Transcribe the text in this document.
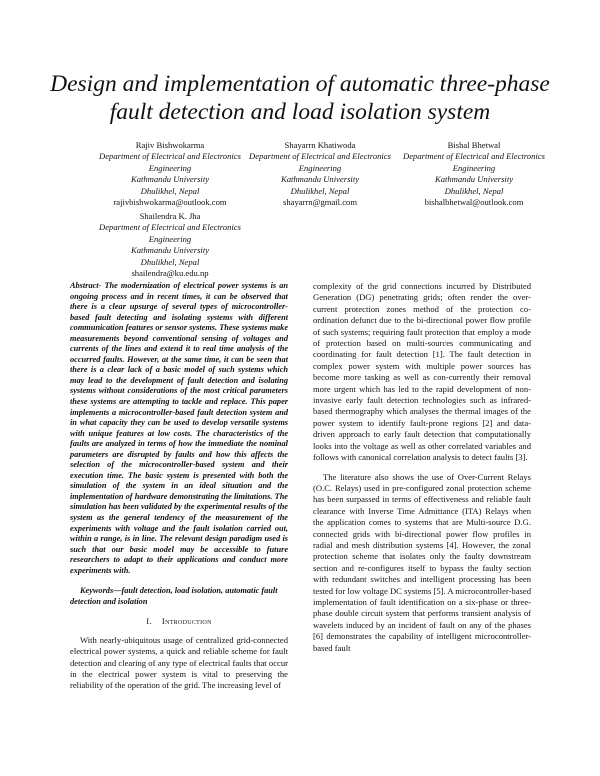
Design and implementation of automatic three-phase fault detection and load isolation system
Rajiv Bishwokarma
Department of Electrical and Electronics Engineering
Kathmandu University
Dhulikhel, Nepal
rajivbishwokarma@outlook.com
Shayarrn Khatiwoda
Department of Electrical and Electronics Engineering
Kathmandu University
Dhulikhel, Nepal
shayarrn@gmail.com
Bishal Bhetwal
Department of Electrical and Electronics Engineering
Kathmandu University
Dhulikhel, Nepal
bishalbhetwal@outlook.com
Shailendra K. Jha
Department of Electrical and Electronics Engineering
Kathmandu University
Dhulikhel, Nepal
shailendra@ku.edu.np
Abstract- The modernization of electrical power systems is an ongoing process and in recent times, it can be observed that there is a clear upsurge of several types of microcontroller-based fault detecting and isolating systems with different communication features or sensor systems. These systems make measurements beyond conventional sensing of voltages and currents of the lines and extend it to real time analysis of the occurred faults. However, at the same time, it can be seen that there is a clear lack of a basic model of such systems which may lead to the development of fault detection and isolating systems without considerations of the most critical parameters these systems are attempting to tackle and replace. This paper implements a microcontroller-based fault detection system and in what capacity they can be used to develop versatile systems with unique features at low costs. The characteristics of the faults are analyzed in terms of how the immediate the nominal parameters are disrupted by faults and how this affects the selection of the microcontroller-based system and their execution time. The basic system is presented with both the simulation of the system in an ideal situation and the implementation of hardware demonstrating the limitations. The simulation has been validated by the experimental results of the system as the general tendency of the measurement of the experiments with voltage and the fault isolation carried out, within a range, is in line. The relevant design paradigm used is such that our basic model may be accessible to future researchers to adapt to their applications and conduct more experiments with.
Keywords—fault detection, load isolation, automatic fault detection and isolation
I. Introduction

With nearly-ubiquitous usage of centralized grid-connected electrical power systems, a quick and reliable scheme for fault detection and clearing of any type of electrical faults that occur in the electrical power system is vital to preserving the reliability of the operation of the grid. The increasing level of

complexity of the grid connections incurred by Distributed Generation (DG) penetrating grids; often render the over-current protection zones method of the protection co-ordination defunct due to the bi-directional power flow profile of such systems; requiring fault protection that employ a mode of protection based on multi-sources communicating and coordinating for fault detection [1]. The fault detection in complex power system with multiple power sources has become more tasking as well as con-currently their removal more urgent which has led to the rapid development of non-invasive early fault detection technologies such as infrared-based thermography which analyses the thermal images of the power system to identify fault-prone regions [2] and data-driven approach to early fault detection that computationally looks into the voltage as well as other correlated variables and follows with canonical correlation analysis to detect faults [3].

The literature also shows the use of Over-Current Relays (O.C. Relays) used in pre-configured zonal protection scheme has been surpassed in terms of effectiveness and reliable fault clearance with Inverse Time Admittance (ITA) Relays when the application comes to systems that are Multi-source D.G. connected grids with bi-directional power flow profiles in radial and mesh distribution systems [4]. However, the zonal protection scheme that isolates only the faulty downstream section and re-configures itself to bypass the faulty section with redundant switches and intelligent processing has been tested for low voltage DC systems [5]. A microcontroller-based implementation of fault identification on a six-phase or three-phase double circuit system that performs transient analysis of wavelets induced by an incident of fault on any of the phases [6] demonstrates the capability of intelligent microcontroller-based fault
